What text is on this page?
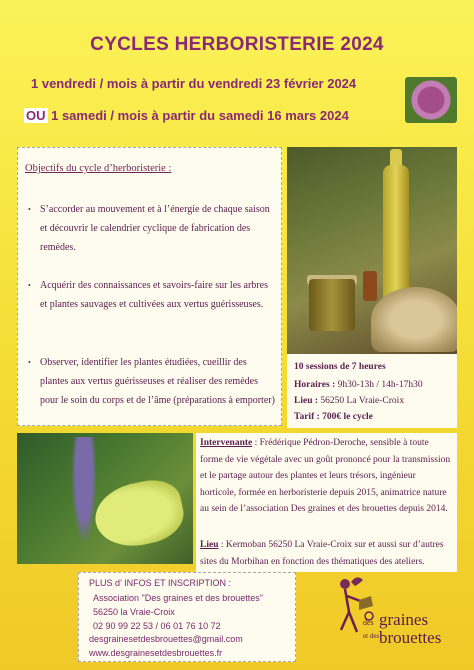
CYCLES HERBORISTERIE 2024
1 vendredi / mois à partir du vendredi 23 février 2024
OU 1 samedi / mois à partir du samedi 16 mars 2024
Objectifs du cycle d’herboristerie :
• S’accorder au mouvement et à l’énergie de chaque saison et découvrir le calendrier cyclique de fabrication des remèdes.
• Acquérir des connaissances et savoirs-faire sur les arbres et plantes sauvages et cultivées aux vertus guérisseuses.
• Observer, identifier les plantes étudiées, cueillir des plantes aux vertus guérisseuses et réaliser des remèdes pour le soin du corps et de l’âme (préparations à emporter)
10 sessions de 7 heures
Horaires : 9h30-13h / 14h-17h30
Lieu : 56250 La Vraie-Croix
Tarif : 700€ le cycle
Intervenante : Frédérique Pédron-Deroche, sensible à toute forme de vie végétale avec un goût prononcé pour la transmission et le partage autour des plantes et leurs trésors, ingénieur horticole, formée en herboristerie depuis 2015, animatrice nature au sein de l’association Des graines et des brouettes depuis 2014.
Lieu : Kermoban 56250 La Vraie-Croix sur et aussi sur d’autres sites du Morbihan en fonction des thématiques des ateliers.
PLUS d’ INFOS ET INSCRIPTION :
Association "Des graines et des brouettes"
56250 la Vraie-Croix
02 90 99 22 53 / 06 01 76 10 72
desgrainesetdesbrouettes@gmail.com
www.desgrainesetdesbrouettes.fr
des graines
et des brouettes
